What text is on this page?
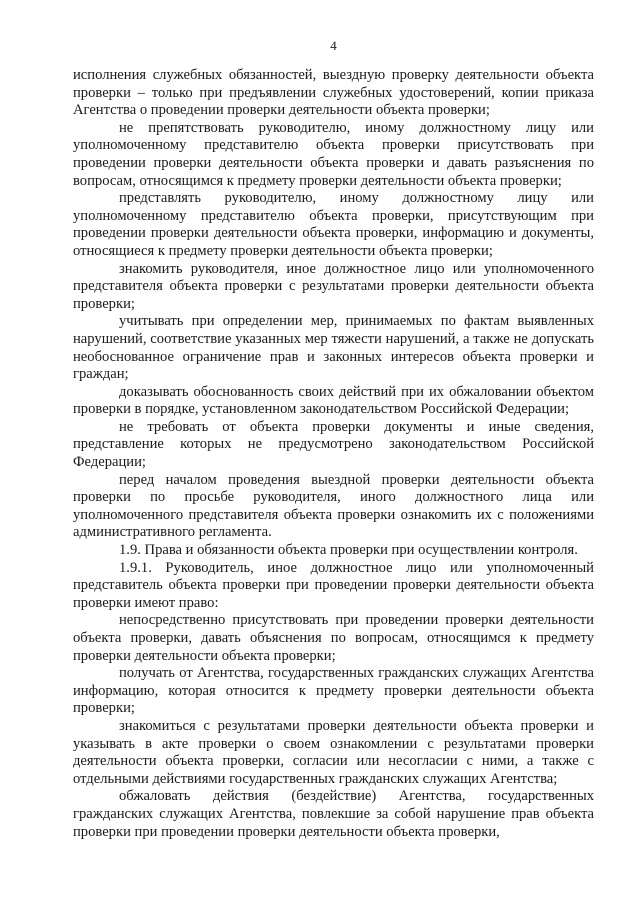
4

исполнения служебных обязанностей, выездную проверку деятельности объекта проверки – только при предъявлении служебных удостоверений, копии приказа Агентства о проведении проверки деятельности объекта проверки;

не препятствовать руководителю, иному должностному лицу или уполномоченному представителю объекта проверки присутствовать при проведении проверки деятельности объекта проверки и давать разъяснения по вопросам, относящимся к предмету проверки деятельности объекта проверки;

представлять руководителю, иному должностному лицу или уполномоченному представителю объекта проверки, присутствующим при проведении проверки деятельности объекта проверки, информацию и документы, относящиеся к предмету проверки деятельности объекта проверки;

знакомить руководителя, иное должностное лицо или уполномоченного представителя объекта проверки с результатами проверки деятельности объекта проверки;

учитывать при определении мер, принимаемых по фактам выявленных нарушений, соответствие указанных мер тяжести нарушений, а также не допускать необоснованное ограничение прав и законных интересов объекта проверки и граждан;

доказывать обоснованность своих действий при их обжаловании объектом проверки в порядке, установленном законодательством Российской Федерации;

не требовать от объекта проверки документы и иные сведения, представление которых не предусмотрено законодательством Российской Федерации;

перед началом проведения выездной проверки деятельности объекта проверки по просьбе руководителя, иного должностного лица или уполномоченного представителя объекта проверки ознакомить их с положениями административного регламента.

1.9. Права и обязанности объекта проверки при осуществлении контроля.

1.9.1. Руководитель, иное должностное лицо или уполномоченный представитель объекта проверки при проведении проверки деятельности объекта проверки имеют право:

непосредственно присутствовать при проведении проверки деятельности объекта проверки, давать объяснения по вопросам, относящимся к предмету проверки деятельности объекта проверки;

получать от Агентства, государственных гражданских служащих Агентства информацию, которая относится к предмету проверки деятельности объекта проверки;

знакомиться с результатами проверки деятельности объекта проверки и указывать в акте проверки о своем ознакомлении с результатами проверки деятельности объекта проверки, согласии или несогласии с ними, а также с отдельными действиями государственных гражданских служащих Агентства;

обжаловать действия (бездействие) Агентства, государственных гражданских служащих Агентства, повлекшие за собой нарушение прав объекта проверки при проведении проверки деятельности объекта проверки,
